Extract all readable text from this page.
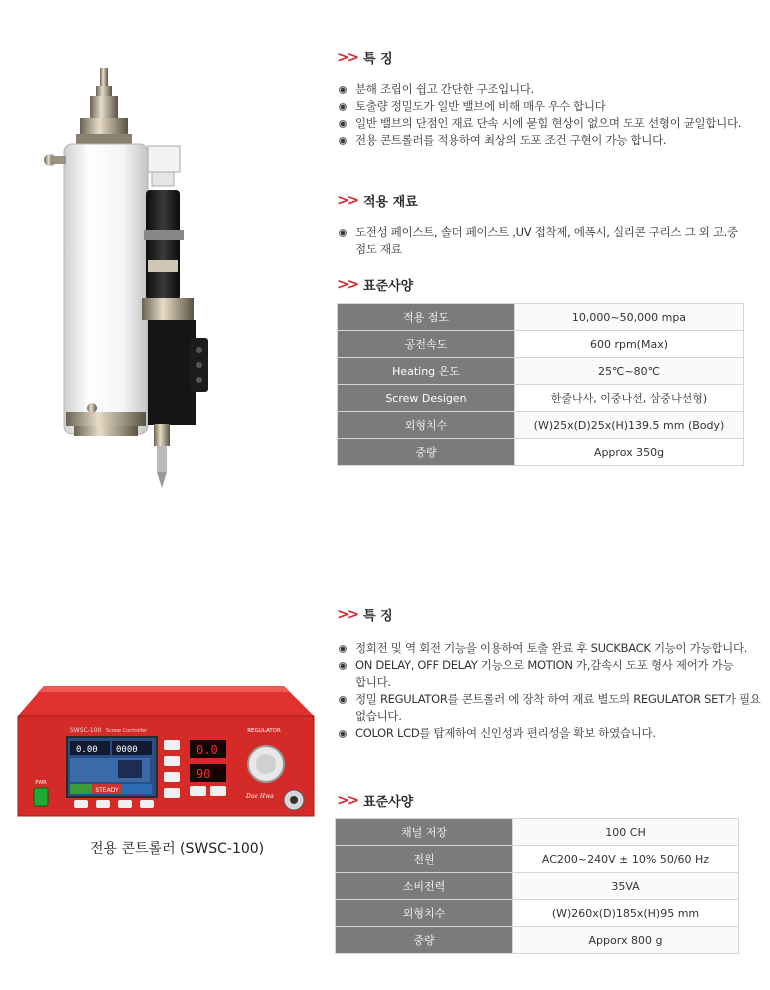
>> 특 징
분해 조립이 쉽고 간단한 구조입니다.
토출량 정밀도가 일반 밸브에 비해 매우 우수 합니다
일반 밸브의 단점인 재료 단속 시에 묻힘 현상이 없으며 도포 선형이 균일합니다.
전용 콘트롤러를 적용하여 최상의 도포 조건 구현이 가능 합니다.
>> 적용 재료
도전성 페이스트, 솔더 페이스트 ,UV 접착제, 에폭시, 실리콘 구리스 그 외 고.중점도 재료
>> 표준사양
적용 점도	10,000~50,000 mpa
공전속도	600 rpm(Max)
Heating 온도	25℃~80℃
Screw Desigen	한줄나사, 이중나선, 삼중나선형)
외형치수	(W)25x(D)25x(H)139.5 mm (Body)
중량	Approx 350g
PWR
0.00 0000
STEADY
SWSC-100 Screw Controller
0.0
90
REGULATOR
Dae Hwa
전용 콘트롤러 (SWSC-100)
>> 특 징
정회전 및 역 회전 기능을 이용하여 토출 완료 후 SUCKBACK 기능이 가능합니다.
ON DELAY, OFF DELAY 기능으로 MOTION 가,감속시 도포 형사 제어가 가능 합니다.
정밀 REGULATOR를 콘트롤러 에 장착 하여 재료 별도의 REGULATOR SET가 필요 없습니다.
COLOR LCD를 탑제하여 신인성과 편리성을 확보 하였습니다.
>> 표준사양
채널 저장	100 CH
전원	AC200~240V ± 10% 50/60 Hz
소비전력	35VA
외형치수	(W)260x(D)185x(H)95 mm
중량	Apporx 800 g
